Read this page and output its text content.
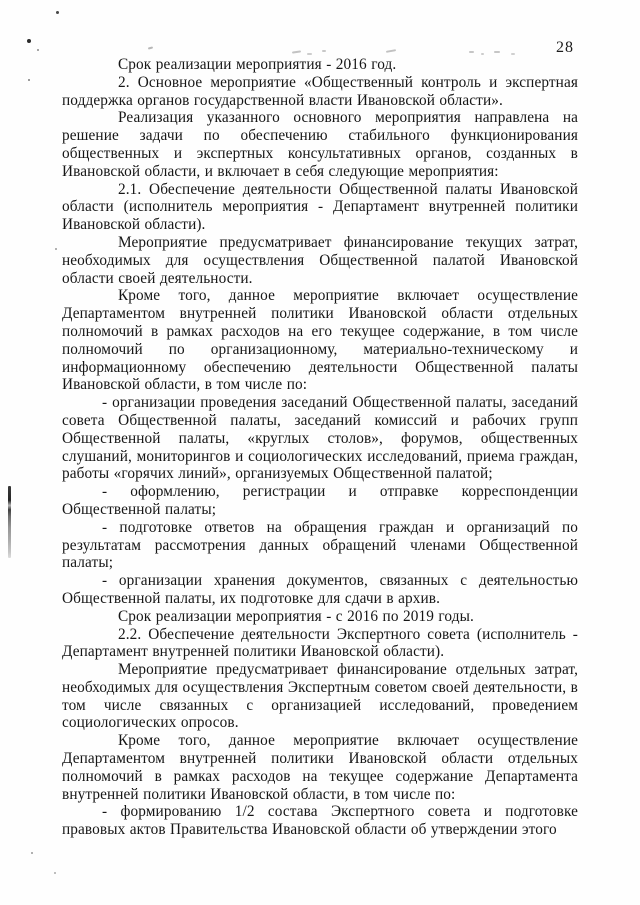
28

Срок реализации мероприятия - 2016 год.

2. Основное мероприятие «Общественный контроль и экспертная поддержка органов государственной власти Ивановской области».

Реализация указанного основного мероприятия направлена на решение задачи по обеспечению стабильного функционирования общественных и экспертных консультативных органов, созданных в Ивановской области, и включает в себя следующие мероприятия:

2.1. Обеспечение деятельности Общественной палаты Ивановской области (исполнитель мероприятия - Департамент внутренней политики Ивановской области).

Мероприятие предусматривает финансирование текущих затрат, необходимых для осуществления Общественной палатой Ивановской области своей деятельности.

Кроме того, данное мероприятие включает осуществление Департаментом внутренней политики Ивановской области отдельных полномочий в рамках расходов на его текущее содержание, в том числе полномочий по организационному, материально-техническому и информационному обеспечению деятельности Общественной палаты Ивановской области, в том числе по:

- организации проведения заседаний Общественной палаты, заседаний совета Общественной палаты, заседаний комиссий и рабочих групп Общественной палаты, «круглых столов», форумов, общественных слушаний, мониторингов и социологических исследований, приема граждан, работы «горячих линий», организуемых Общественной палатой;

- оформлению, регистрации и отправке корреспонденции Общественной палаты;

- подготовке ответов на обращения граждан и организаций по результатам рассмотрения данных обращений членами Общественной палаты;

- организации хранения документов, связанных с деятельностью Общественной палаты, их подготовке для сдачи в архив.

Срок реализации мероприятия - с 2016 по 2019 годы.

2.2. Обеспечение деятельности Экспертного совета (исполнитель - Департамент внутренней политики Ивановской области).

Мероприятие предусматривает финансирование отдельных затрат, необходимых для осуществления Экспертным советом своей деятельности, в том числе связанных с организацией исследований, проведением социологических опросов.

Кроме того, данное мероприятие включает осуществление Департаментом внутренней политики Ивановской области отдельных полномочий в рамках расходов на текущее содержание Департамента внутренней политики Ивановской области, в том числе по:

- формированию 1/2 состава Экспертного совета и подготовке правовых актов Правительства Ивановской области об утверждении этого
